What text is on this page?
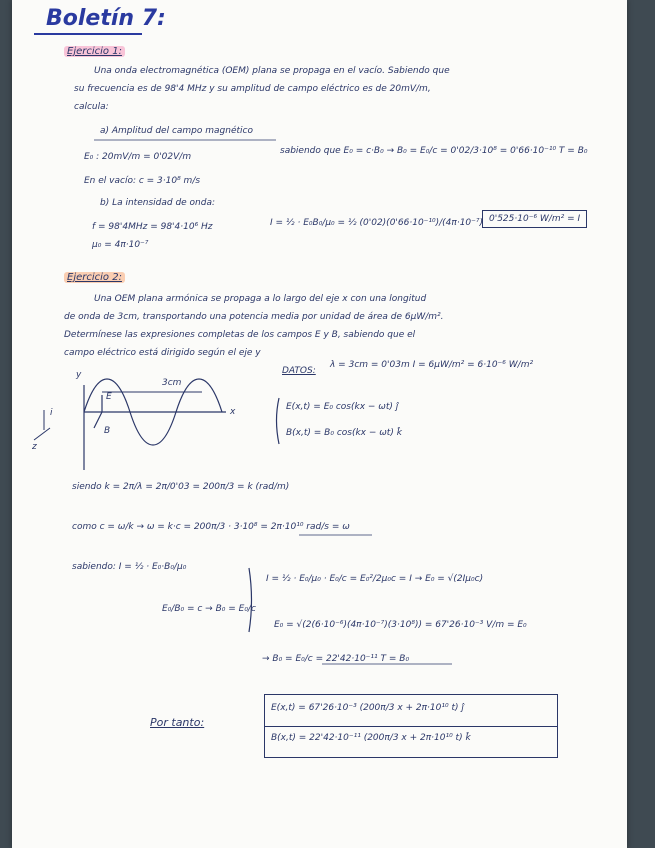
Boletín 7:
Ejercicio 1:
Una onda electromagnética (OEM) plana se propaga en el vacío. Sabiendo que
su frecuencia es de 98'4 MHz y su amplitud de campo eléctrico es de 20mV/m,
calcula:
a) Amplitud del campo magnético
E₀ : 20mV/m = 0'02V/m
sabiendo que E₀ = c·B₀ → B₀ = E₀/c = 0'02/3·10⁸ = 0'66·10⁻¹⁰ T = B₀
En el vacío: c = 3·10⁸ m/s
b) La intensidad de onda:
f = 98'4MHz = 98'4·10⁶ Hz
μ₀ = 4π·10⁻⁷
I = ½ · E₀B₀/μ₀ = ½ (0'02)(0'66·10⁻¹⁰)/(4π·10⁻⁷) 0'525·10⁻⁶ W/m² = I
Ejercicio 2:
Una OEM plana armónica se propaga a lo largo del eje x con una longitud
de onda de 3cm, transportando una potencia media por unidad de área de 6μW/m².
Determínese las expresiones completas de los campos E y B, sabiendo que el
campo eléctrico está dirigido según el eje y
3cm
y
x
z
i
E
B
DATOS:
λ = 3cm = 0'03m I = 6μW/m² = 6·10⁻⁶ W/m²
E(x,t) = E₀ cos(kx − ωt) ĵ
B(x,t) = B₀ cos(kx − ωt) k̂
siendo k = 2π/λ = 2π/0'03 = 200π/3 = k (rad/m)
como c = ω/k → ω = k·c = 200π/3 · 3·10⁸ = 2π·10¹⁰ rad/s = ω
sabiendo: I = ½ · E₀·B₀/μ₀
E₀/B₀ = c → B₀ = E₀/c
I = ½ · E₀/μ₀ · E₀/c = E₀²/2μ₀c = I → E₀ = √(2Iμ₀c)
E₀ = √(2(6·10⁻⁶)(4π·10⁻⁷)(3·10⁸)) = 67'26·10⁻³ V/m = E₀
→ B₀ = E₀/c = 22'42·10⁻¹¹ T = B₀
Por tanto:
E(x,t) = 67'26·10⁻³ (200π/3 x + 2π·10¹⁰ t) ĵ
B(x,t) = 22'42·10⁻¹¹ (200π/3 x + 2π·10¹⁰ t) k̂
